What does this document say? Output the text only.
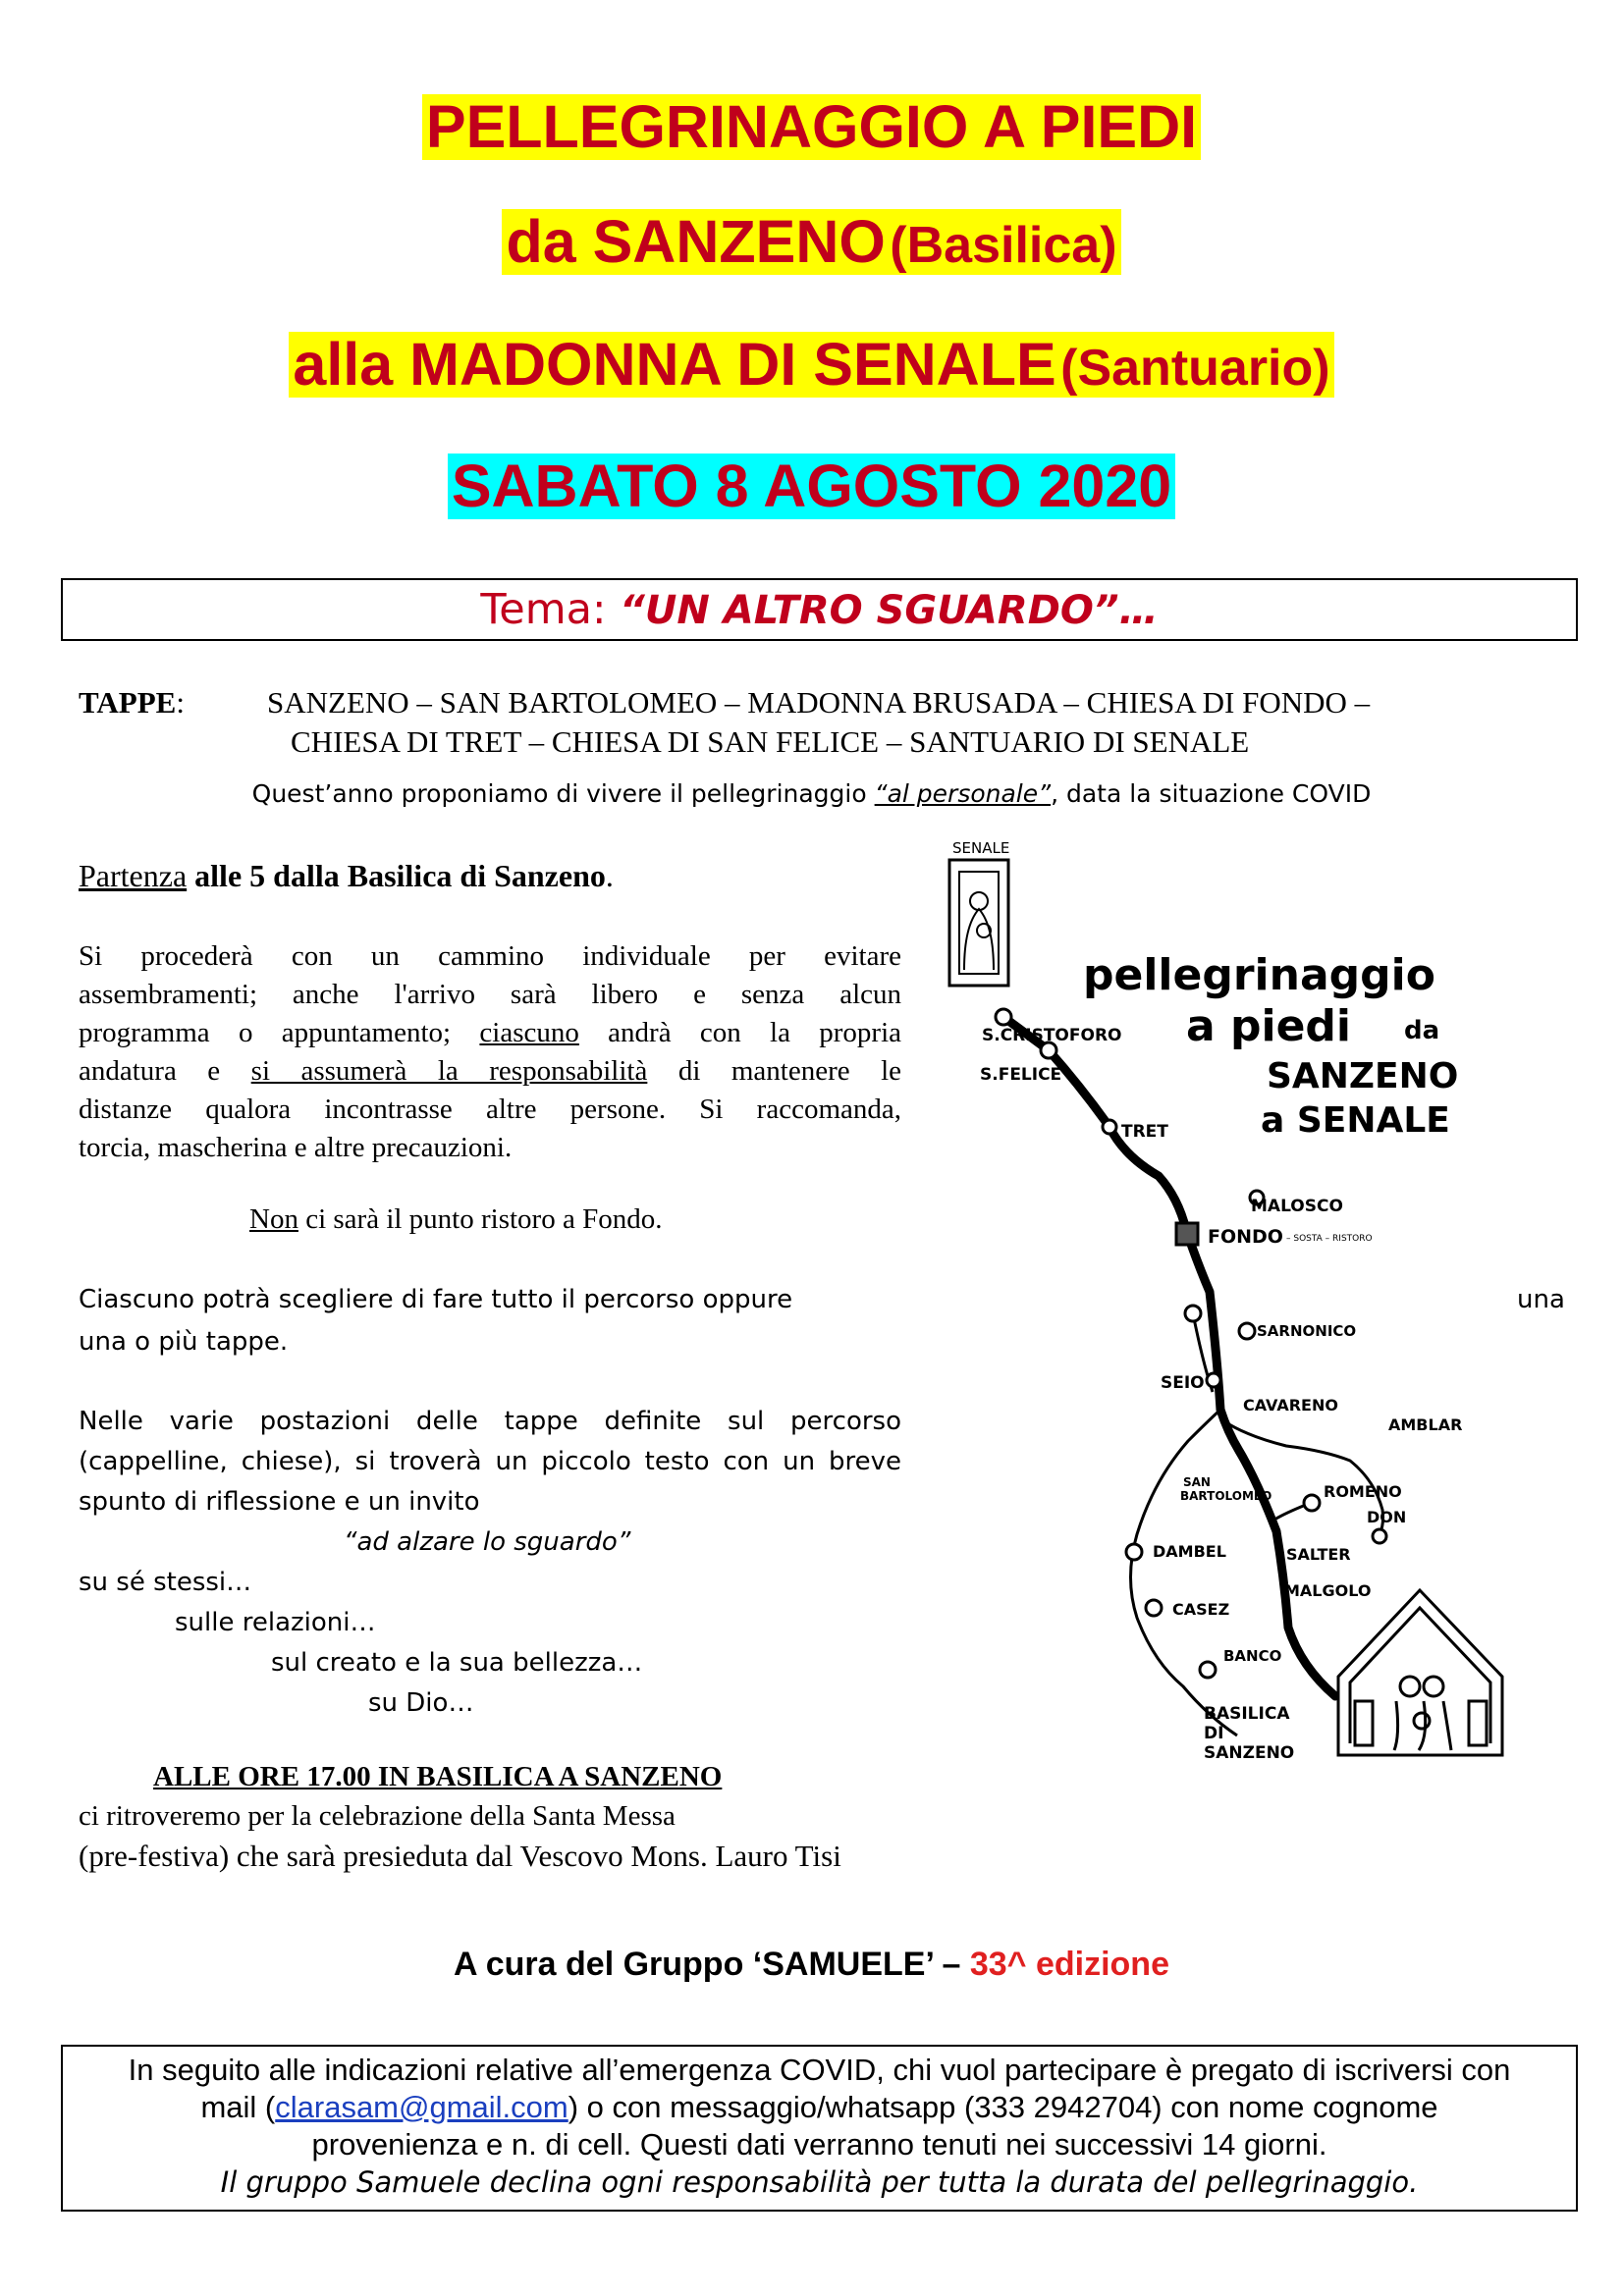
PELLEGRINAGGIO A PIEDI
da SANZENO (Basilica)
alla MADONNA DI SENALE (Santuario)
SABATO 8 AGOSTO 2020
Tema: “UN ALTRO SGUARDO”…
TAPPE:	SANZENO – SAN BARTOLOMEO – MADONNA BRUSADA – CHIESA DI FONDO –
CHIESA DI TRET – CHIESA DI SAN FELICE – SANTUARIO DI SENALE
Quest’anno proponiamo di vivere il pellegrinaggio “al personale”, data la situazione COVID
Partenza alle 5 dalla Basilica di Sanzeno.
Si procederà con un cammino individuale per evitare
assembramenti; anche l'arrivo sarà libero e senza alcun
programma o appuntamento; ciascuno andrà con la propria
andatura e si assumerà la responsabilità di mantenere le
distanze qualora incontrasse altre persone. Si raccomanda,
torcia, mascherina e altre precauzioni.
Non ci sarà il punto ristoro a Fondo.
Ciascuno potrà scegliere di fare tutto il percorso oppure	una
una o più tappe.
Nelle varie postazioni delle tappe definite sul percorso
(cappelline, chiese), si troverà un piccolo testo con un breve
spunto di riflessione e un invito
“ad alzare lo sguardo”
su sé stessi…
sulle relazioni…
sul creato e la sua bellezza…
su Dio…
ALLE ORE 17.00 IN BASILICA A SANZENO
ci ritroveremo per la celebrazione della Santa Messa
(pre-festiva) che sarà presieduta dal Vescovo Mons. Lauro Tisi
A cura del Gruppo ‘SAMUELE’ – 33^ edizione
In seguito alle indicazioni relative all’emergenza COVID, chi vuol partecipare è pregato di iscriversi con
mail (clarasam@gmail.com) o con messaggio/whatsapp (333 2942704) con nome cognome
provenienza e n. di cell. Questi dati verranno tenuti nei successivi 14 giorni.
Il gruppo Samuele declina ogni responsabilità per tutta la durata del pellegrinaggio.
SENALE
S.CRISTOFORO
S.FELICE
TRET
MALOSCO
FONDO – SOSTA – RISTORO
SARNONICO
SEIO
CAVARENO
AMBLAR
SAN
BARTOLOMEO	ROMENO
DON
DAMBEL	SALTER
MALGOLO
CASEZ
BANCO
BASILICA
DI
SANZENO
pellegrinaggio
a piedi da
SANZENO
a SENALE
